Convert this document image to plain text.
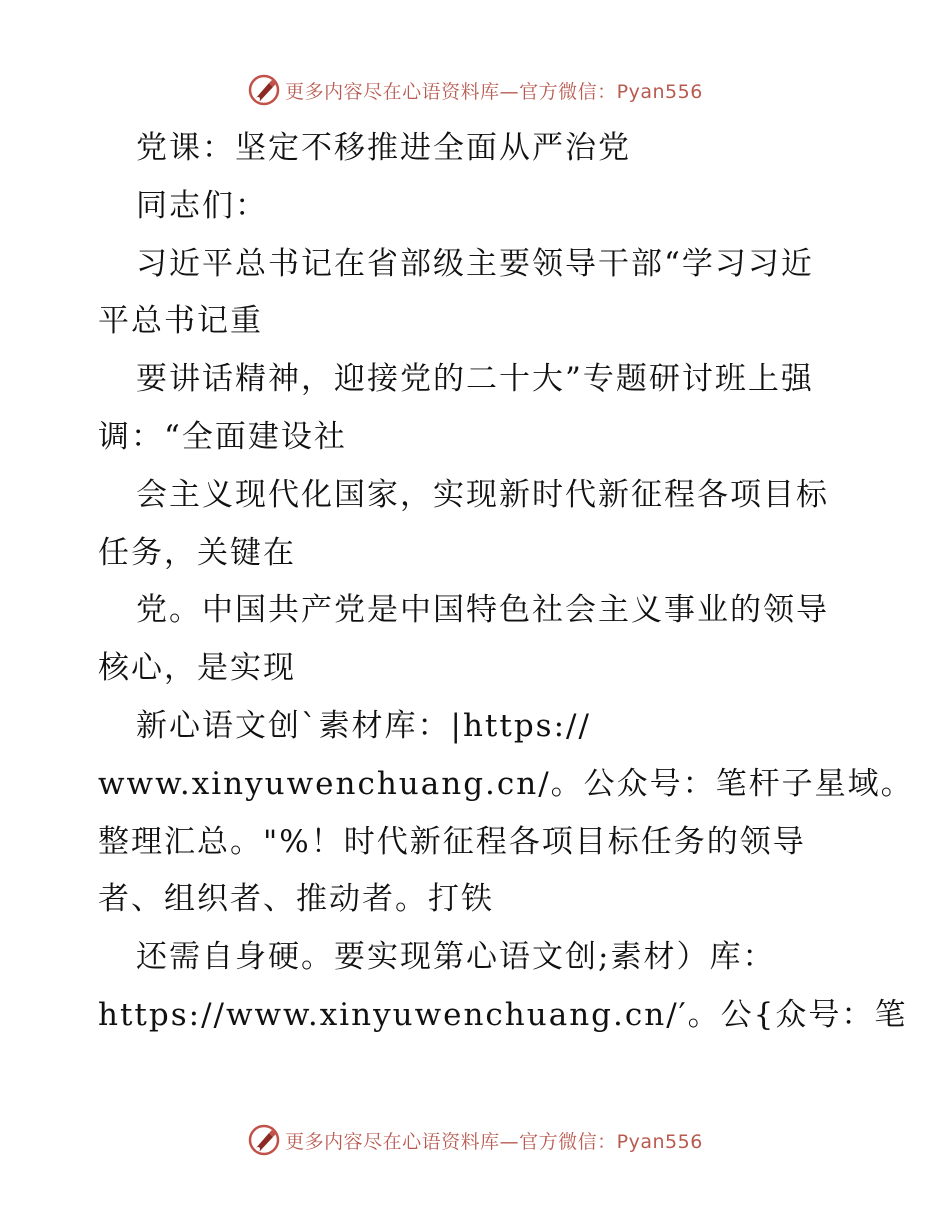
更多内容尽在心语资料库—官方微信：Pyan556
党课：坚定不移推进全面从严治党
同志们：
习近平总书记在省部级主要领导干部“学习习近
平总书记重
要讲话精神，迎接党的二十大”专题研讨班上强
调：“全面建设社
会主义现代化国家，实现新时代新征程各项目标
任务，关键在
党。中国共产党是中国特色社会主义事业的领导
核心，是实现
新心语文创`素材库：|https://
www.xinyuwenchuang.cn/。公众号：笔杆子星域。
整理汇总。"%！时代新征程各项目标任务的领导
者、组织者、推动者。打铁
还需自身硬。要实现第心语文创;素材）库：
https://www.xinyuwenchuang.cn/′。公{众号：笔
更多内容尽在心语资料库—官方微信：Pyan556
